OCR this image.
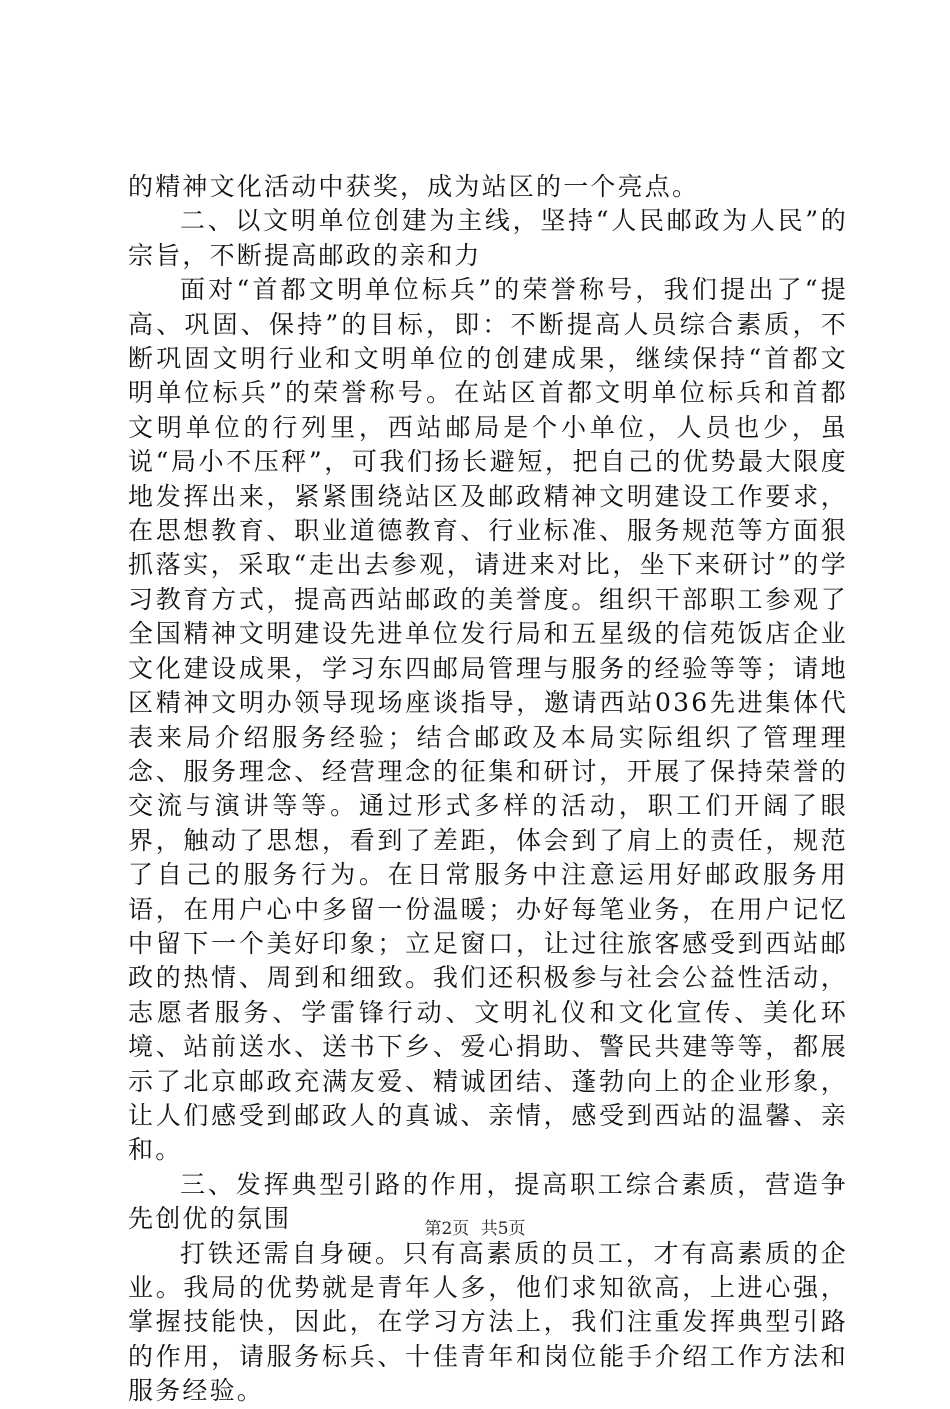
的精神文化活动中获奖，成为站区的一个亮点。

二、以文明单位创建为主线，坚持“人民邮政为人民”的宗旨，不断提高邮政的亲和力

面对“首都文明单位标兵”的荣誉称号，我们提出了“提高、巩固、保持”的目标，即：不断提高人员综合素质，不断巩固文明行业和文明单位的创建成果，继续保持“首都文明单位标兵”的荣誉称号。在站区首都文明单位标兵和首都文明单位的行列里，西站邮局是个小单位，人员也少，虽说“局小不压秤”，可我们扬长避短，把自己的优势最大限度地发挥出来，紧紧围绕站区及邮政精神文明建设工作要求，在思想教育、职业道德教育、行业标准、服务规范等方面狠抓落实，采取“走出去参观，请进来对比，坐下来研讨”的学习教育方式，提高西站邮政的美誉度。组织干部职工参观了全国精神文明建设先进单位发行局和五星级的信苑饭店企业文化建设成果，学习东四邮局管理与服务的经验等等；请地区精神文明办领导现场座谈指导，邀请西站036先进集体代表来局介绍服务经验；结合邮政及本局实际组织了管理理念、服务理念、经营理念的征集和研讨，开展了保持荣誉的交流与演讲等等。通过形式多样的活动，职工们开阔了眼界，触动了思想，看到了差距，体会到了肩上的责任，规范了自己的服务行为。在日常服务中注意运用好邮政服务用语，在用户心中多留一份温暖；办好每笔业务，在用户记忆中留下一个美好印象；立足窗口，让过往旅客感受到西站邮政的热情、周到和细致。我们还积极参与社会公益性活动，志愿者服务、学雷锋行动、文明礼仪和文化宣传、美化环境、站前送水、送书下乡、爱心捐助、警民共建等等，都展示了北京邮政充满友爱、精诚团结、蓬勃向上的企业形象，让人们感受到邮政人的真诚、亲情，感受到西站的温馨、亲和。

三、发挥典型引路的作用，提高职工综合素质，营造争先创优的氛围

打铁还需自身硬。只有高素质的员工，才有高素质的企业。我局的优势就是青年人多，他们求知欲高，上进心强，掌握技能快，因此，在学习方法上，我们注重发挥典型引路的作用，请服务标兵、十佳青年和岗位能手介绍工作方法和服务经验。

第2页 共5页
